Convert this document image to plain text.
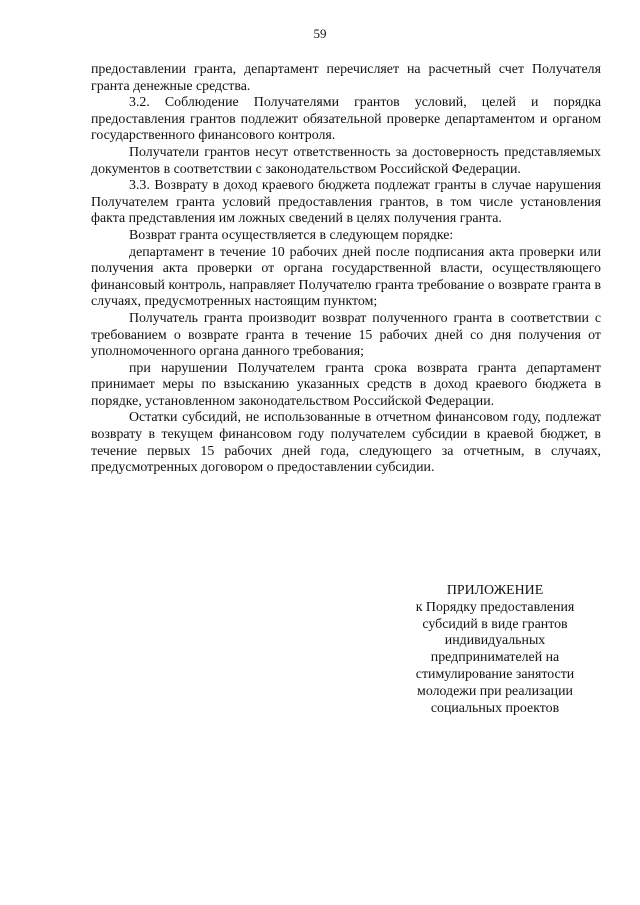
59

предоставлении гранта, департамент перечисляет на расчетный счет Получателя гранта денежные средства.

3.2. Соблюдение Получателями грантов условий, целей и порядка предоставления грантов подлежит обязательной проверке департаментом и органом государственного финансового контроля.

Получатели грантов несут ответственность за достоверность представляемых документов в соответствии с законодательством Российской Федерации.

3.3. Возврату в доход краевого бюджета подлежат гранты в случае нарушения Получателем гранта условий предоставления грантов, в том числе установления факта представления им ложных сведений в целях получения гранта.

Возврат гранта осуществляется в следующем порядке:

департамент в течение 10 рабочих дней после подписания акта проверки или получения акта проверки от органа государственной власти, осуществляющего финансовый контроль, направляет Получателю гранта требование о возврате гранта в случаях, предусмотренных настоящим пунктом;

Получатель гранта производит возврат полученного гранта в соответствии с требованием о возврате гранта в течение 15 рабочих дней со дня получения от уполномоченного органа данного требования;

при нарушении Получателем гранта срока возврата гранта департамент принимает меры по взысканию указанных средств в доход краевого бюджета в порядке, установленном законодательством Российской Федерации.

Остатки субсидий, не использованные в отчетном финансовом году, подлежат возврату в текущем финансовом году получателем субсидии в краевой бюджет, в течение первых 15 рабочих дней года, следующего за отчетным, в случаях, предусмотренных договором о предоставлении субсидии.

ПРИЛОЖЕНИЕ
к Порядку предоставления
субсидий в виде грантов
индивидуальных
предпринимателей на
стимулирование занятости
молодежи при реализации
социальных проектов
